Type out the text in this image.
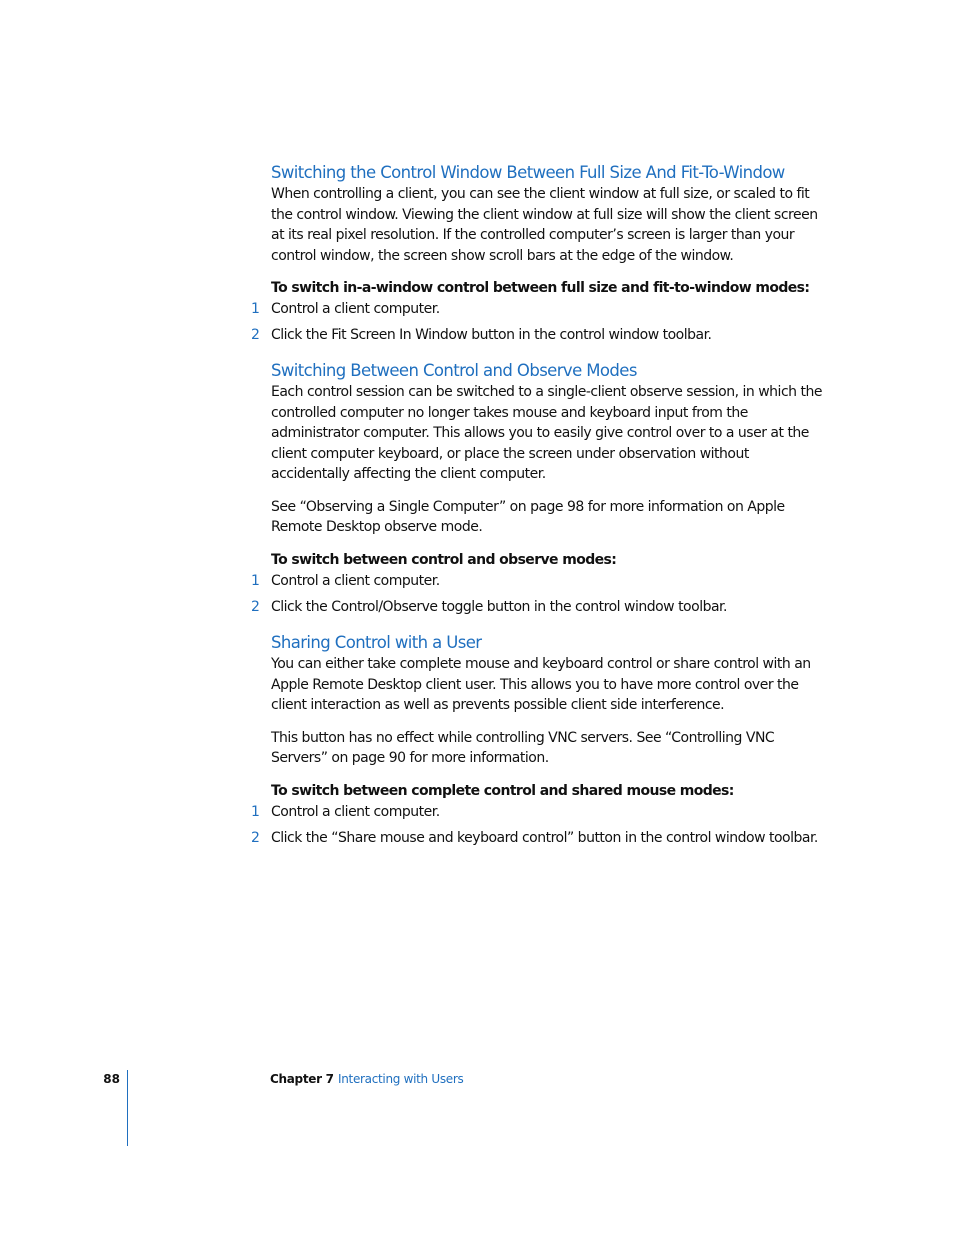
Switching the Control Window Between Full Size And Fit-To-Window

When controlling a client, you can see the client window at full size, or scaled to fit the control window. Viewing the client window at full size will show the client screen at its real pixel resolution. If the controlled computer’s screen is larger than your control window, the screen show scroll bars at the edge of the window.

To switch in-a-window control between full size and fit-to-window modes:

1 Control a client computer.
2 Click the Fit Screen In Window button in the control window toolbar.
Switching Between Control and Observe Modes

Each control session can be switched to a single-client observe session, in which the controlled computer no longer takes mouse and keyboard input from the administrator computer. This allows you to easily give control over to a user at the client computer keyboard, or place the screen under observation without accidentally affecting the client computer.

See “Observing a Single Computer” on page 98 for more information on Apple Remote Desktop observe mode.

To switch between control and observe modes:

1 Control a client computer.
2 Click the Control/Observe toggle button in the control window toolbar.
Sharing Control with a User

You can either take complete mouse and keyboard control or share control with an Apple Remote Desktop client user. This allows you to have more control over the client interaction as well as prevents possible client side interference.

This button has no effect while controlling VNC servers. See “Controlling VNC Servers” on page 90 for more information.

To switch between complete control and shared mouse modes:

1 Control a client computer.
2 Click the “Share mouse and keyboard control” button in the control window toolbar.
88	Chapter 7 Interacting with Users
